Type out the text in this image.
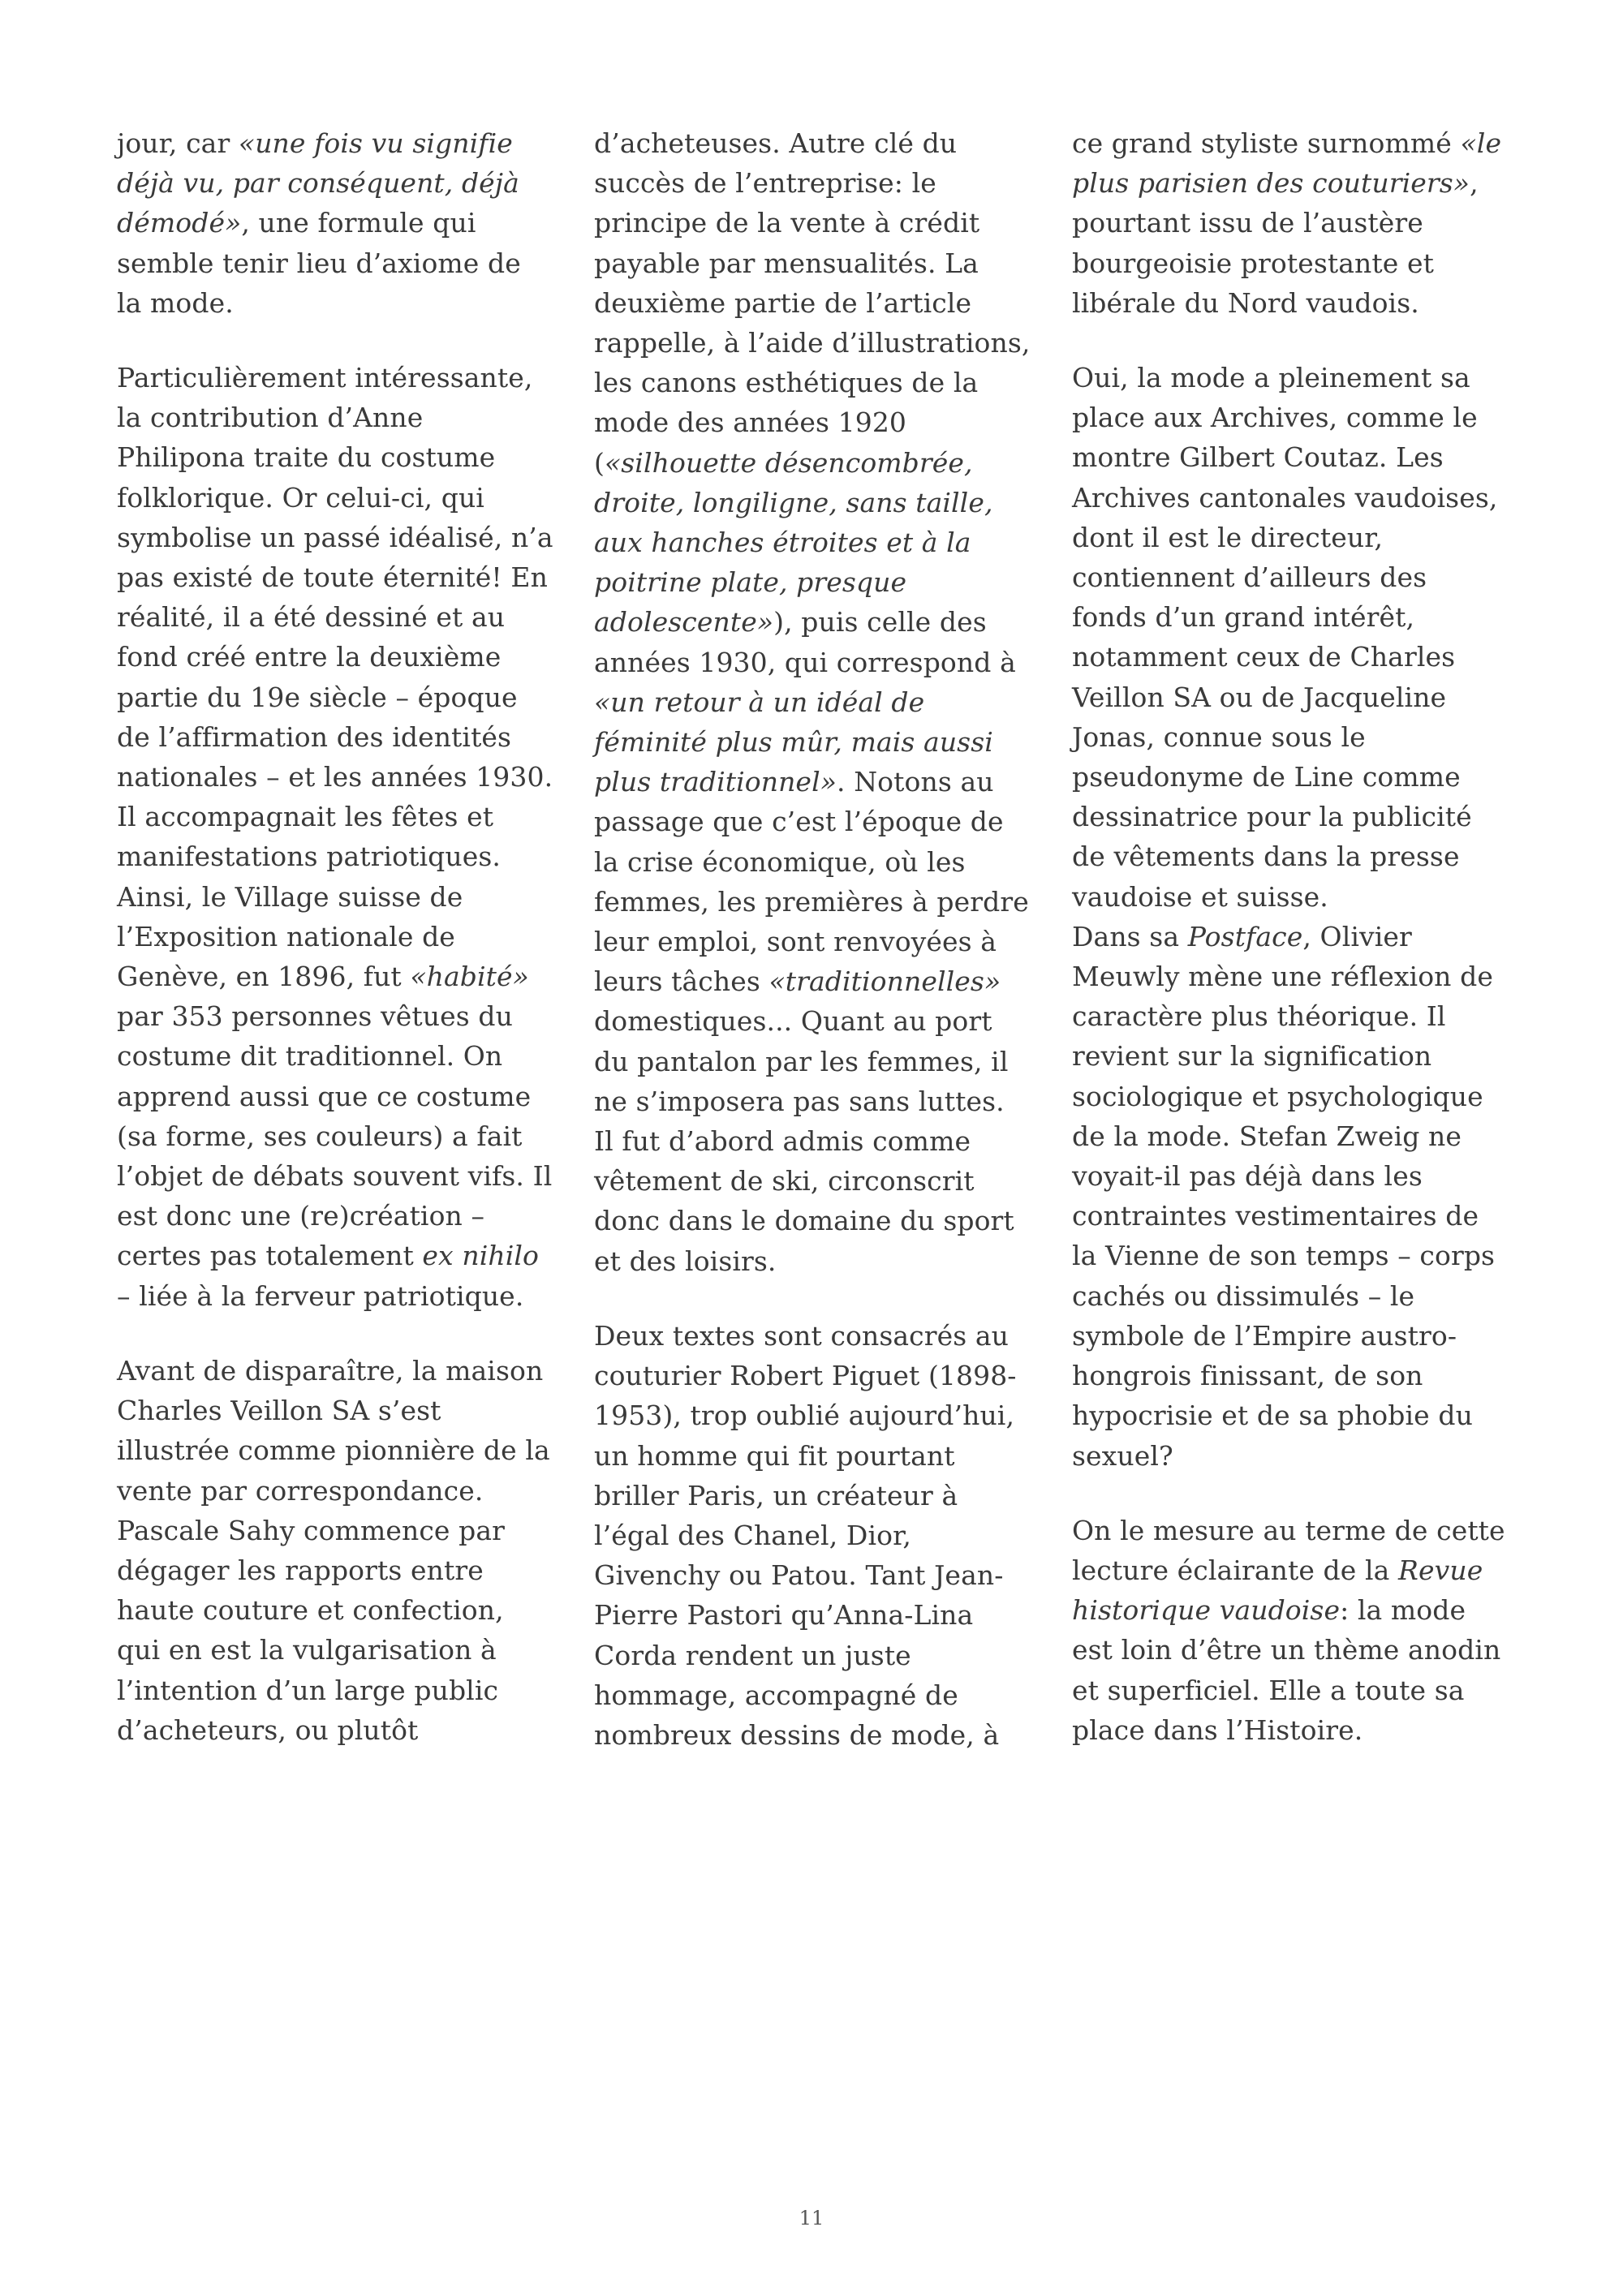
jour, car «une fois vu signifie
déjà vu, par conséquent, déjà
démodé», une formule qui
semble tenir lieu d’axiome de
la mode.

Particulièrement intéressante,
la contribution d’Anne
Philipona traite du costume
folklorique. Or celui-ci, qui
symbolise un passé idéalisé, n’a
pas existé de toute éternité! En
réalité, il a été dessiné et au
fond créé entre la deuxième
partie du 19e siècle – époque
de l’affirmation des identités
nationales – et les années 1930.
Il accompagnait les fêtes et
manifestations patriotiques.
Ainsi, le Village suisse de
l’Exposition nationale de
Genève, en 1896, fut «habité»
par 353 personnes vêtues du
costume dit traditionnel. On
apprend aussi que ce costume
(sa forme, ses couleurs) a fait
l’objet de débats souvent vifs. Il
est donc une (re)création –
certes pas totalement ex nihilo
– liée à la ferveur patriotique.

Avant de disparaître, la maison
Charles Veillon SA s’est
illustrée comme pionnière de la
vente par correspondance.
Pascale Sahy commence par
dégager les rapports entre
haute couture et confection,
qui en est la vulgarisation à
l’intention d’un large public
d’acheteurs, ou plutôt

d’acheteuses. Autre clé du
succès de l’entreprise: le
principe de la vente à crédit
payable par mensualités. La
deuxième partie de l’article
rappelle, à l’aide d’illustrations,
les canons esthétiques de la
mode des années 1920
(«silhouette désencombrée,
droite, longiligne, sans taille,
aux hanches étroites et à la
poitrine plate, presque
adolescente»), puis celle des
années 1930, qui correspond à
«un retour à un idéal de
féminité plus mûr, mais aussi
plus traditionnel». Notons au
passage que c’est l’époque de
la crise économique, où les
femmes, les premières à perdre
leur emploi, sont renvoyées à
leurs tâches «traditionnelles»
domestiques... Quant au port
du pantalon par les femmes, il
ne s’imposera pas sans luttes.
Il fut d’abord admis comme
vêtement de ski, circonscrit
donc dans le domaine du sport
et des loisirs.

Deux textes sont consacrés au
couturier Robert Piguet (1898-
1953), trop oublié aujourd’hui,
un homme qui fit pourtant
briller Paris, un créateur à
l’égal des Chanel, Dior,
Givenchy ou Patou. Tant Jean-
Pierre Pastori qu’Anna-Lina
Corda rendent un juste
hommage, accompagné de
nombreux dessins de mode, à

ce grand styliste surnommé «le
plus parisien des couturiers»,
pourtant issu de l’austère
bourgeoisie protestante et
libérale du Nord vaudois.

Oui, la mode a pleinement sa
place aux Archives, comme le
montre Gilbert Coutaz. Les
Archives cantonales vaudoises,
dont il est le directeur,
contiennent d’ailleurs des
fonds d’un grand intérêt,
notamment ceux de Charles
Veillon SA ou de Jacqueline
Jonas, connue sous le
pseudonyme de Line comme
dessinatrice pour la publicité
de vêtements dans la presse
vaudoise et suisse.

Dans sa Postface, Olivier
Meuwly mène une réflexion de
caractère plus théorique. Il
revient sur la signification
sociologique et psychologique
de la mode. Stefan Zweig ne
voyait-il pas déjà dans les
contraintes vestimentaires de
la Vienne de son temps – corps
cachés ou dissimulés – le
symbole de l’Empire austro-
hongrois finissant, de son
hypocrisie et de sa phobie du
sexuel?

On le mesure au terme de cette
lecture éclairante de la Revue
historique vaudoise: la mode
est loin d’être un thème anodin
et superficiel. Elle a toute sa
place dans l’Histoire.

11
